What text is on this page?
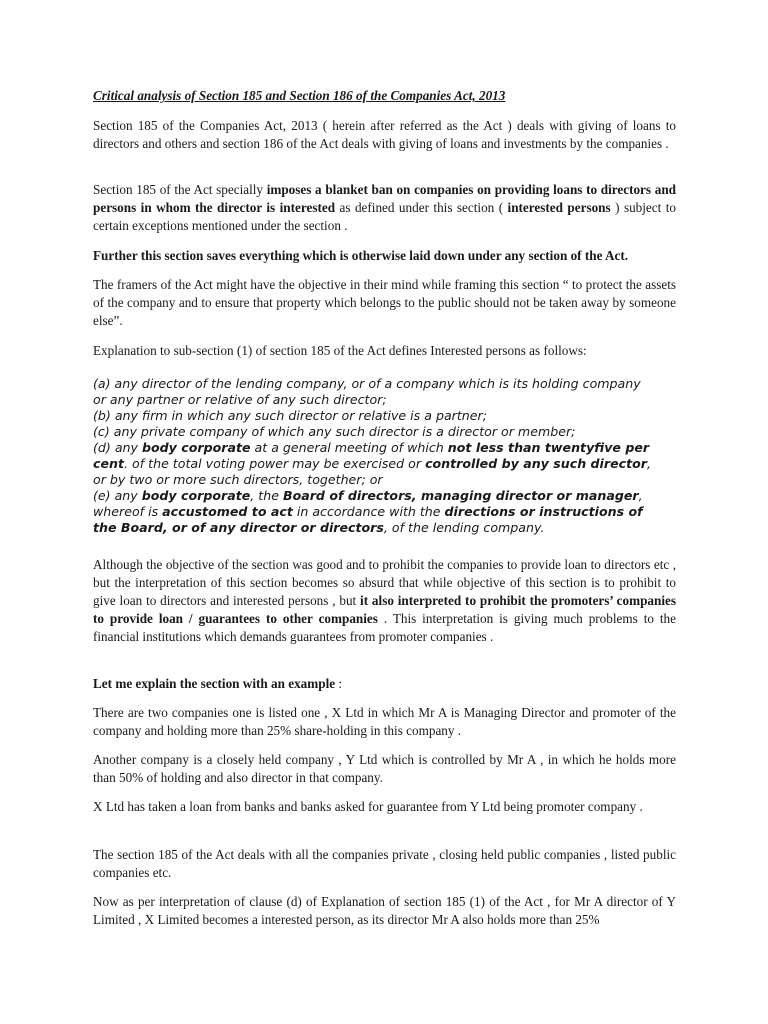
Critical analysis of Section 185 and Section 186 of the Companies Act, 2013
Section 185 of the Companies Act, 2013 ( herein after referred as the Act ) deals with giving of loans to directors and others and section 186 of the Act deals with giving of loans and investments by the companies .
Section 185 of the Act specially imposes a blanket ban on companies on providing loans to directors and persons in whom the director is interested as defined under this section ( interested persons ) subject to certain exceptions mentioned under the section .
Further this section saves everything which is otherwise laid down under any section of the Act.
The framers of the Act might have the objective in their mind while framing this section “ to protect the assets of the company and to ensure that property which belongs to the public should not be taken away by someone else”.
Explanation to sub-section (1) of section 185 of the Act defines Interested persons as follows:
(a) any director of the lending company, or of a company which is its holding company
or any partner or relative of any such director;
(b) any firm in which any such director or relative is a partner;
(c) any private company of which any such director is a director or member;
(d) any body corporate at a general meeting of which not less than twentyfive per
cent. of the total voting power may be exercised or controlled by any such director,
or by two or more such directors, together; or
(e) any body corporate, the Board of directors, managing director or manager,
whereof is accustomed to act in accordance with the directions or instructions of
the Board, or of any director or directors, of the lending company.
Although the objective of the section was good and to prohibit the companies to provide loan to directors etc , but the interpretation of this section becomes so absurd that while objective of this section is to prohibit to give loan to directors and interested persons , but it also interpreted to prohibit the promoters’ companies to provide loan / guarantees to other companies . This interpretation is giving much problems to the financial institutions which demands guarantees from promoter companies .
Let me explain the section with an example :
There are two companies one is listed one , X Ltd in which Mr A is Managing Director and promoter of the company and holding more than 25% share-holding in this company .
Another company is a closely held company , Y Ltd which is controlled by Mr A , in which he holds more than 50% of holding and also director in that company.
X Ltd has taken a loan from banks and banks asked for guarantee from Y Ltd being promoter company .
The section 185 of the Act deals with all the companies private , closing held public companies , listed public companies etc.
Now as per interpretation of clause (d) of Explanation of section 185 (1) of the Act , for Mr A director of Y Limited , X Limited becomes a interested person, as its director Mr A also holds more than 25%
